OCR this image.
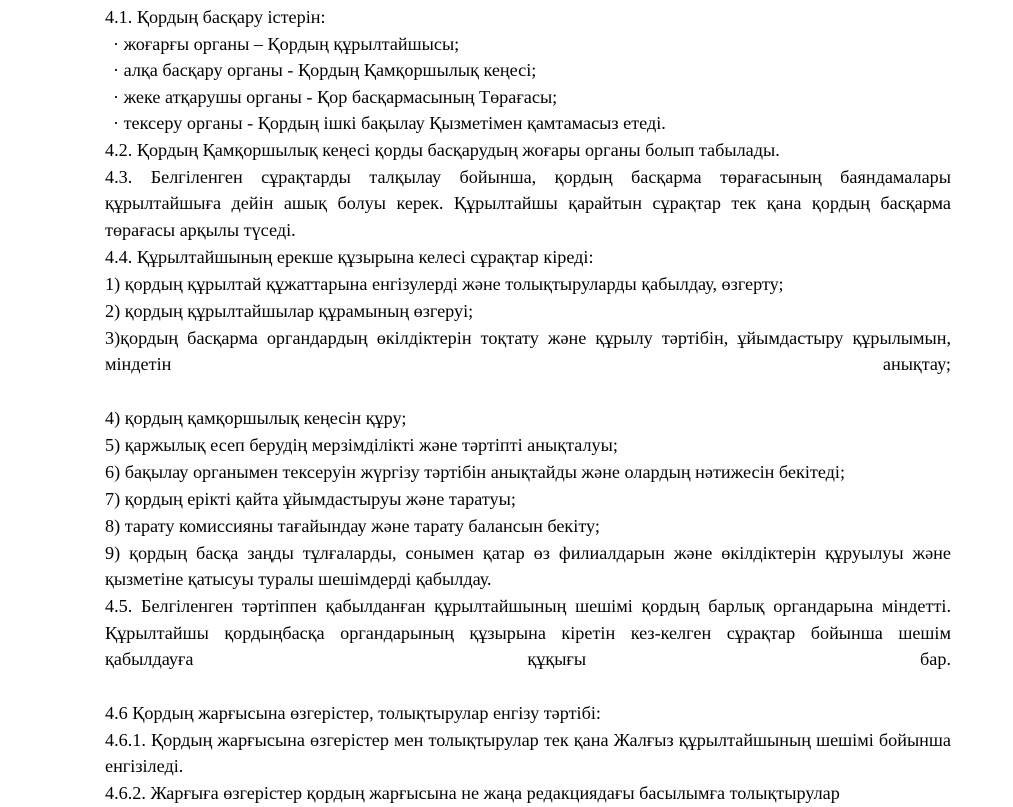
4.1. Қордың басқару істерін:

· жоғарғы органы – Қордың құрылтайшысы;

· алқа басқару органы - Қордың Қамқоршылық кеңесі;

· жеке атқарушы органы - Қор басқармасының Төрағасы;

· тексеру органы - Қордың ішкі бақылау Қызметімен қамтамасыз етеді.

4.2. Қордың Қамқоршылық кеңесі қорды басқарудың жоғары органы болып табылады.

4.3. Белгіленген сұрақтарды талқылау бойынша, қордың басқарма төрағасының баяндамалары құрылтайшыға дейін ашық болуы керек. Құрылтайшы қарайтын сұрақтар тек қана қордың басқарма төрағасы арқылы түседі.

4.4. Құрылтайшының ерекше құзырына келесі сұрақтар кіреді:

1) қордың құрылтай құжаттарына енгізулерді және толықтыруларды қабылдау, өзгерту;

2) қордың құрылтайшылар құрамының өзгеруі;

3)қордың басқарма органдардың өкілдіктерін тоқтату және құрылу тәртібін, ұйымдастыру құрылымын, міндетін анықтау;

4) қордың қамқоршылық кеңесін құру;

5) қаржылық есеп берудің мерзімділікті және тәртіпті анықталуы;

6) бақылау органымен тексеруін жүргізу тәртібін анықтайды және олардың нәтижесін бекітеді;

7) қордың ерікті қайта ұйымдастыруы және таратуы;

8) тарату комиссияны тағайындау және тарату балансын бекіту;

9) қордың басқа заңды тұлғаларды, сонымен қатар өз филиалдарын және өкілдіктерін құруылуы және қызметіне қатысуы туралы шешімдерді қабылдау.

4.5. Белгіленген тәртіппен қабылданған құрылтайшының шешімі қордың барлық органдарына міндетті. Құрылтайшы қордыңбасқа органдарының құзырына кіретін кез-келген сұрақтар бойынша шешім қабылдауға құқығы бар.

4.6 Қордың жарғысына өзгерістер, толықтырулар енгізу тәртібі:

4.6.1. Қордың жарғысына өзгерістер мен толықтырулар тек қана Жалғыз құрылтайшының шешімі бойынша енгізіледі.

4.6.2. Жарғыға өзгерістер қордың жарғысына не жаңа редакциядағы басылымға толықтырулар
